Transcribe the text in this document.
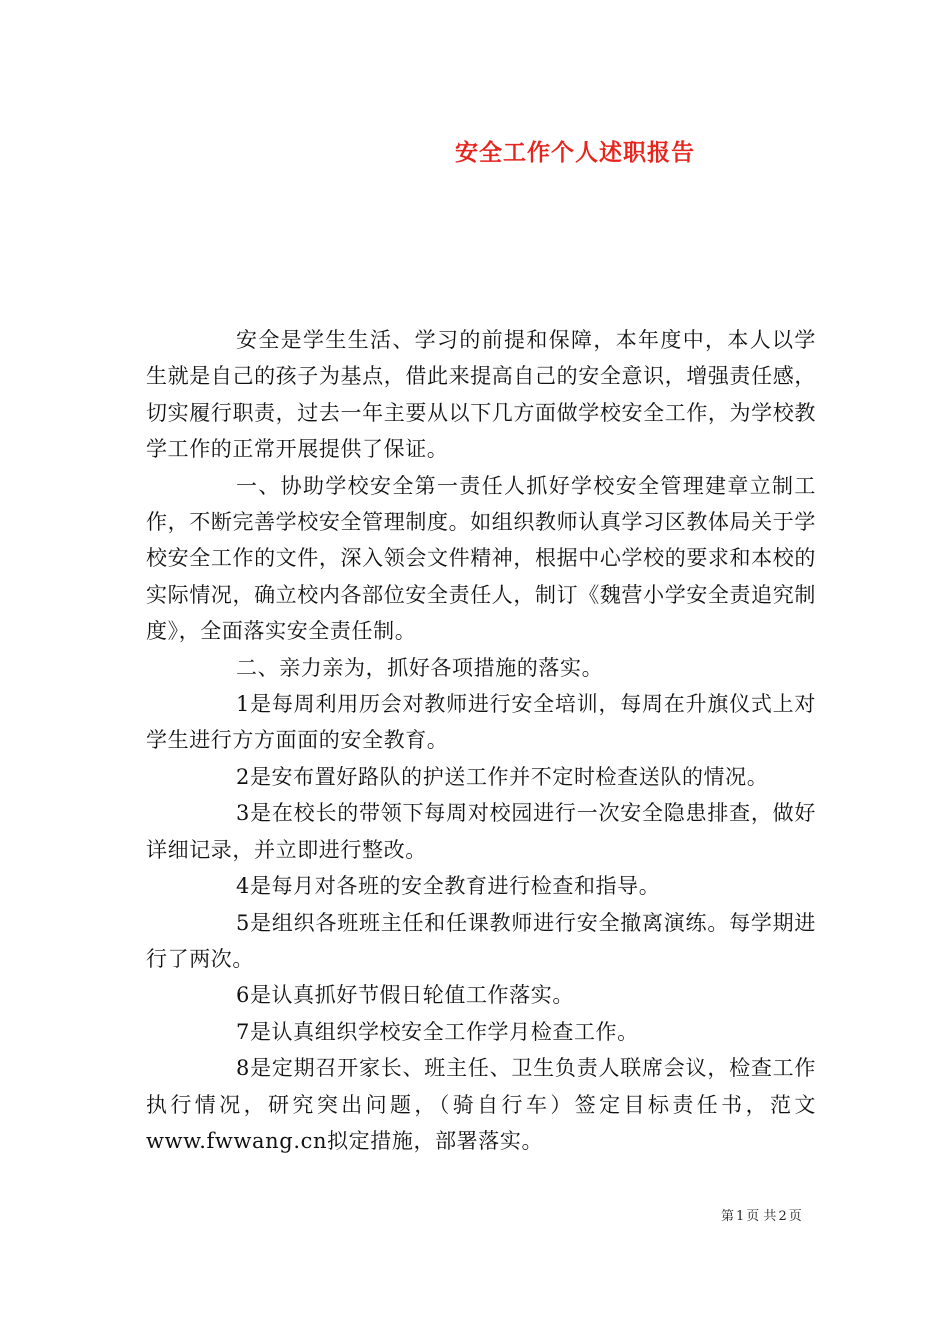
安全工作个人述职报告

安全是学生生活、学习的前提和保障，本年度中，本人以学生就是自己的孩子为基点，借此来提高自己的安全意识，增强责任感，切实履行职责，过去一年主要从以下几方面做学校安全工作，为学校教学工作的正常开展提供了保证。

一、协助学校安全第一责任人抓好学校安全管理建章立制工作，不断完善学校安全管理制度。如组织教师认真学习区教体局关于学校安全工作的文件，深入领会文件精神，根据中心学校的要求和本校的实际情况，确立校内各部位安全责任人，制订《魏营小学安全责追究制度》，全面落实安全责任制。

二、亲力亲为，抓好各项措施的落实。

1是每周利用历会对教师进行安全培训，每周在升旗仪式上对学生进行方方面面的安全教育。

2是安布置好路队的护送工作并不定时检查送队的情况。

3是在校长的带领下每周对校园进行一次安全隐患排查，做好详细记录，并立即进行整改。

4是每月对各班的安全教育进行检查和指导。

5是组织各班班主任和任课教师进行安全撤离演练。每学期进行了两次。

6是认真抓好节假日轮值工作落实。

7是认真组织学校安全工作学月检查工作。

8是定期召开家长、班主任、卫生负责人联席会议，检查工作执行情况，研究突出问题，（骑自行车）签定目标责任书，范文www.fwwang.cn拟定措施，部署落实。

第 1 页 共 2 页
